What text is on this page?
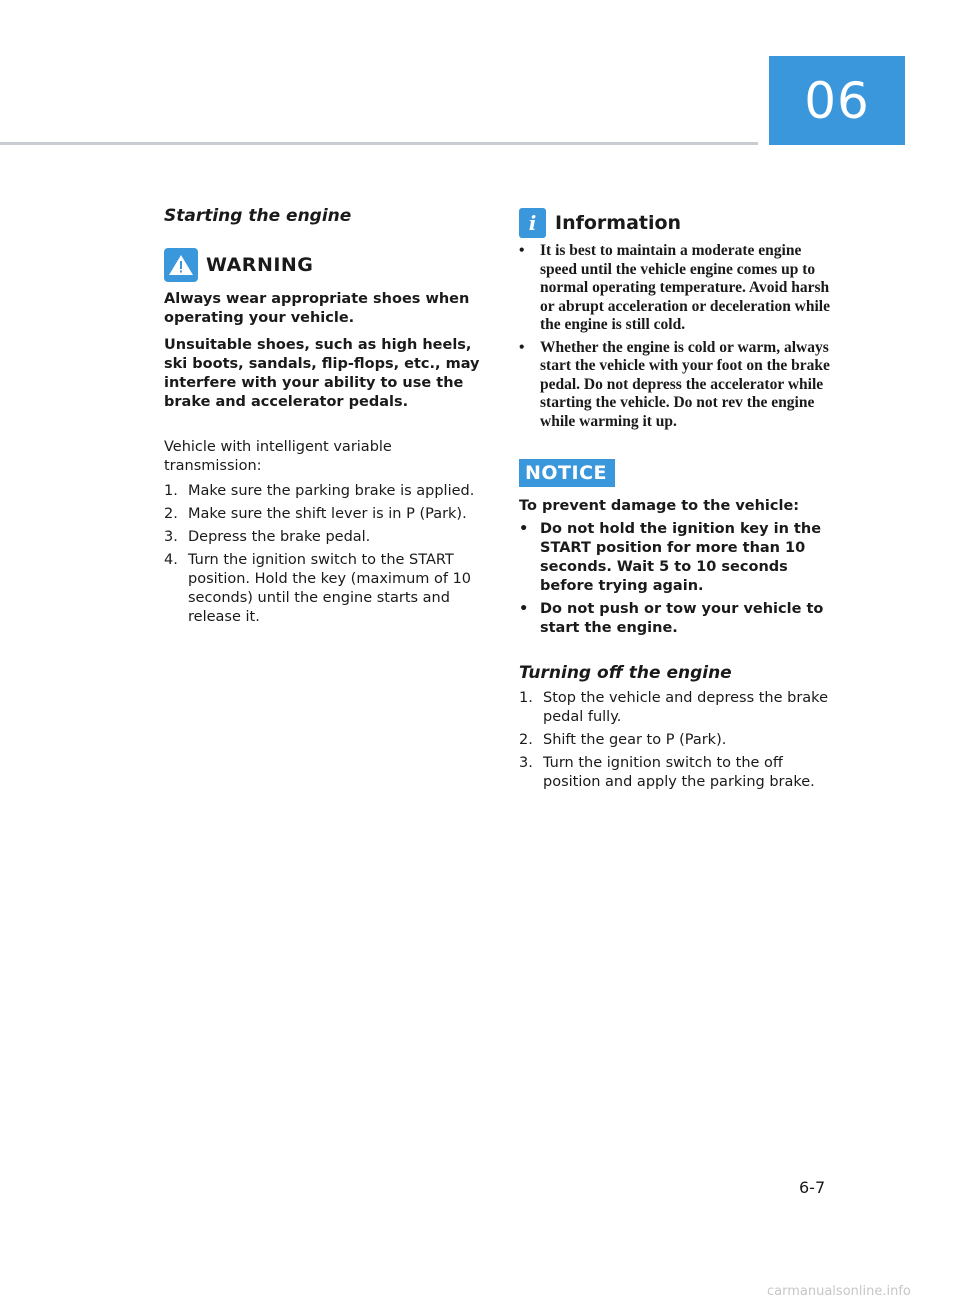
06
Starting the engine
WARNING

Always wear appropriate shoes when operating your vehicle.

Unsuitable shoes, such as high heels, ski boots, sandals, flip-flops, etc., may interfere with your ability to use the brake and accelerator pedals.

Vehicle with intelligent variable transmission:

1. Make sure the parking brake is applied.
2. Make sure the shift lever is in P (Park).
3. Depress the brake pedal.
4. Turn the ignition switch to the START position. Hold the key (maximum of 10 seconds) until the engine starts and release it.
i Information
• It is best to maintain a moderate engine speed until the vehicle engine comes up to normal operating temperature. Avoid harsh or abrupt acceleration or deceleration while the engine is still cold.
• Whether the engine is cold or warm, always start the vehicle with your foot on the brake pedal. Do not depress the accelerator while starting the vehicle. Do not rev the engine while warming it up.
NOTICE

To prevent damage to the vehicle:

• Do not hold the ignition key in the START position for more than 10 seconds. Wait 5 to 10 seconds before trying again.
• Do not push or tow your vehicle to start the engine.
Turning off the engine
1. Stop the vehicle and depress the brake pedal fully.
2. Shift the gear to P (Park).
3. Turn the ignition switch to the off position and apply the parking brake.
6-7
carmanualsonline.info
